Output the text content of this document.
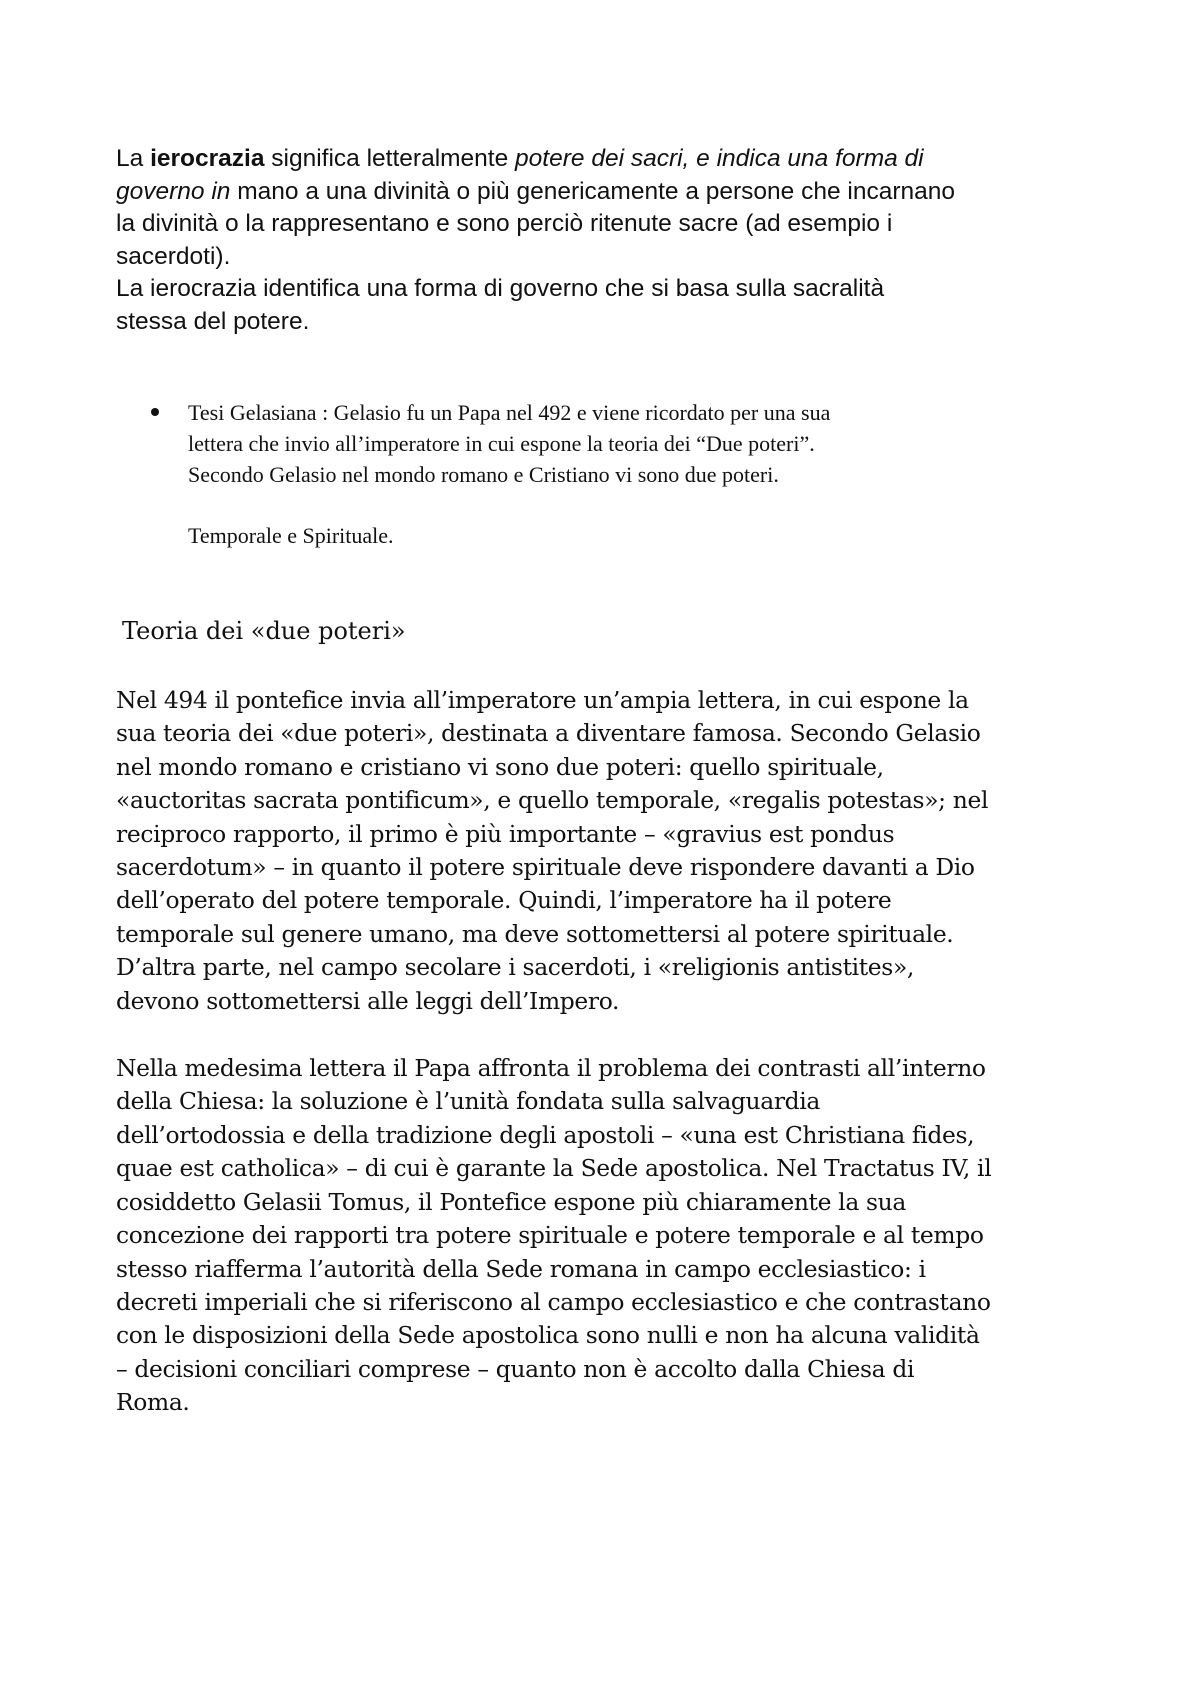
La ierocrazia significa letteralmente potere dei sacri, e indica una forma di

governo in mano a una divinità o più genericamente a persone che incarnano

la divinità o la rappresentano e sono perciò ritenute sacre (ad esempio i

sacerdoti).

La ierocrazia identifica una forma di governo che si basa sulla sacralità

stessa del potere.

Tesi Gelasiana : Gelasio fu un Papa nel 492 e viene ricordato per una sua

lettera che invio all’imperatore in cui espone la teoria dei “Due poteri”.

Secondo Gelasio nel mondo romano e Cristiano vi sono due poteri.

Temporale e Spirituale.

Teoria dei «due poteri»

Nel 494 il pontefice invia all’imperatore un’ampia lettera, in cui espone la
sua teoria dei «due poteri», destinata a diventare famosa. Secondo Gelasio
nel mondo romano e cristiano vi sono due poteri: quello spirituale,
«auctoritas sacrata pontificum», e quello temporale, «regalis potestas»; nel
reciproco rapporto, il primo è più importante – «gravius est pondus
sacerdotum» – in quanto il potere spirituale deve rispondere davanti a Dio
dell’operato del potere temporale. Quindi, l’imperatore ha il potere
temporale sul genere umano, ma deve sottomettersi al potere spirituale.
D’altra parte, nel campo secolare i sacerdoti, i «religionis antistites»,
devono sottomettersi alle leggi dell’Impero.

Nella medesima lettera il Papa affronta il problema dei contrasti all’interno
della Chiesa: la soluzione è l’unità fondata sulla salvaguardia
dell’ortodossia e della tradizione degli apostoli – «una est Christiana fides,
quae est catholica» – di cui è garante la Sede apostolica. Nel Tractatus IV, il
cosiddetto Gelasii Tomus, il Pontefice espone più chiaramente la sua
concezione dei rapporti tra potere spirituale e potere temporale e al tempo
stesso riafferma l’autorità della Sede romana in campo ecclesiastico: i
decreti imperiali che si riferiscono al campo ecclesiastico e che contrastano
con le disposizioni della Sede apostolica sono nulli e non ha alcuna validità
– decisioni conciliari comprese – quanto non è accolto dalla Chiesa di
Roma.
